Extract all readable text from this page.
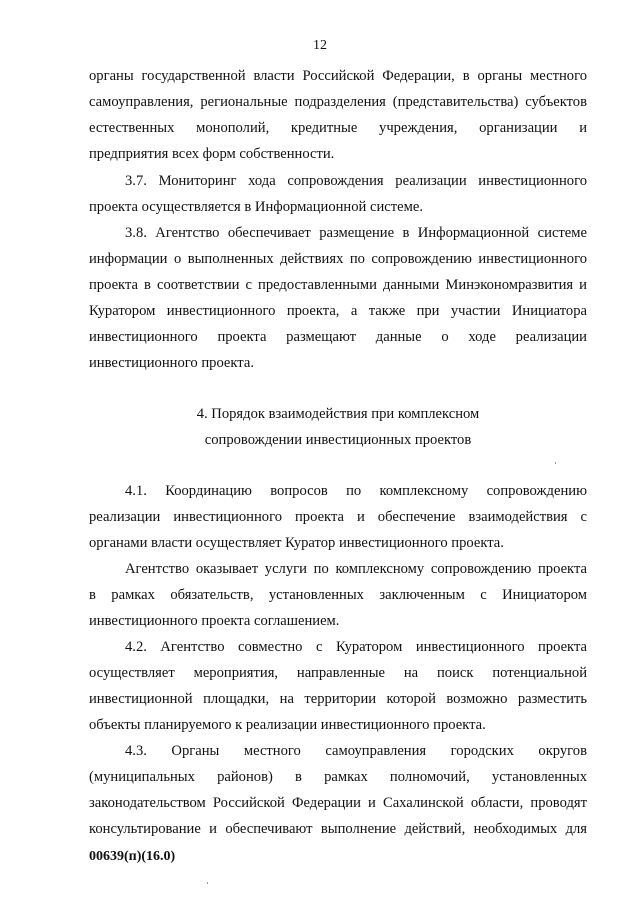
12
органы государственной власти Российской Федерации, в органы местного
самоуправления, региональные подразделения (представительства) субъектов
естественных монополий, кредитные учреждения, организации и
предприятия всех форм собственности.
3.7. Мониторинг хода сопровождения реализации инвестиционного
проекта осуществляется в Информационной системе.
3.8. Агентство обеспечивает размещение в Информационной системе
информации о выполненных действиях по сопровождению инвестиционного
проекта в соответствии с предоставленными данными Минэкономразвития и
Куратором инвестиционного проекта, а также при участии Инициатора
инвестиционного проекта размещают данные о ходе реализации
инвестиционного проекта.
4. Порядок взаимодействия при комплексном
сопровождении инвестиционных проектов
4.1. Координацию вопросов по комплексному сопровождению
реализации инвестиционного проекта и обеспечение взаимодействия с
органами власти осуществляет Куратор инвестиционного проекта.
Агентство оказывает услуги по комплексному сопровождению проекта
в рамках обязательств, установленных заключенным с Инициатором
инвестиционного проекта соглашением.
4.2. Агентство совместно с Куратором инвестиционного проекта
осуществляет мероприятия, направленные на поиск потенциальной
инвестиционной площадки, на территории которой возможно разместить
объекты планируемого к реализации инвестиционного проекта.
4.3. Органы местного самоуправления городских округов
(муниципальных районов) в рамках полномочий, установленных
законодательством Российской Федерации и Сахалинской области, проводят
консультирование и обеспечивают выполнение действий, необходимых для
00639(п)(16.0)
